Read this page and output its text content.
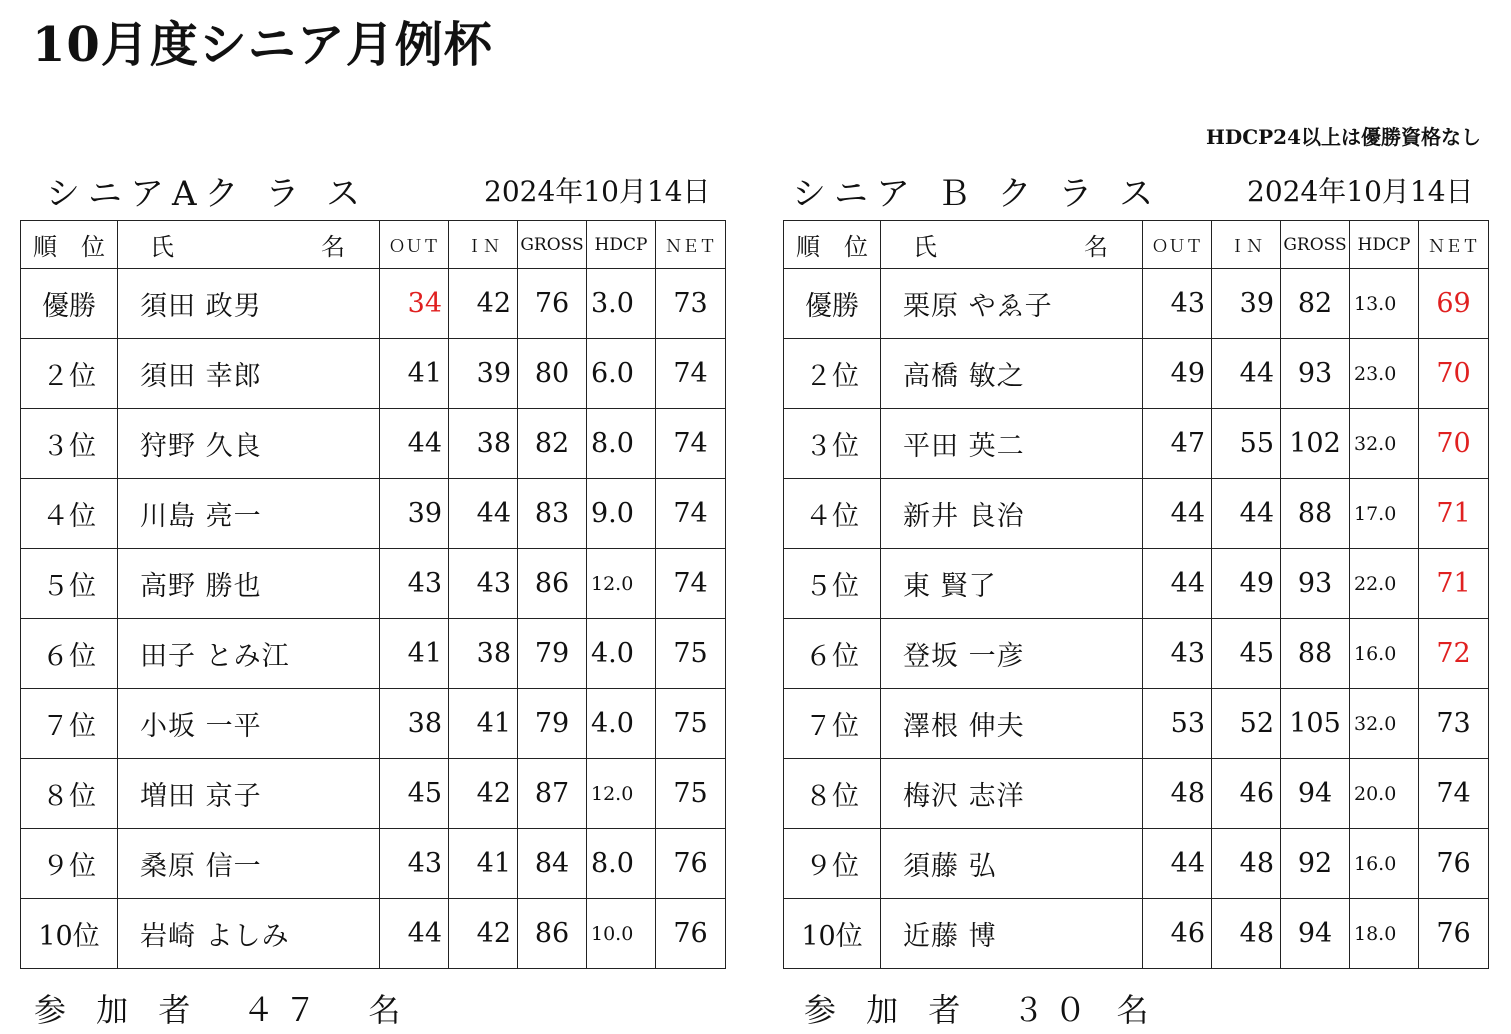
10月度シニア月例杯
HDCP24以上は優勝資格なし
シニアAク ラ ス	2024年10月14日 シニア Ｂ ク ラ ス	2024年10月14日
順　位	氏 名	ＯＵＴ	ＩＮ	GROSS	HDCP	ＮＥＴ
優勝	須田 政男	34	42	76	3.0	73
２位	須田 幸郎	41	39	80	6.0	74
３位	狩野 久良	44	38	82	8.0	74
４位	川島 亮一	39	44	83	9.0	74
５位	高野 勝也	43	43	86	12.0	74
６位	田子 とみ江	41	38	79	4.0	75
７位	小坂 一平	38	41	79	4.0	75
８位	増田 京子	45	42	87	12.0	75
９位	桑原 信一	43	41	84	8.0	76
10位	岩崎 よしみ	44	42	86	10.0	76
順　位	氏 名	ＯＵＴ	ＩＮ	GROSS	HDCP	ＮＥＴ
優勝	栗原 やゑ子	43	39	82	13.0	69
２位	高橋 敏之	49	44	93	23.0	70
３位	平田 英二	47	55	102	32.0	70
４位	新井 良治	44	44	88	17.0	71
５位	東 賢了	44	49	93	22.0	71
６位	登坂 一彦	43	45	88	16.0	72
７位	澤根 伸夫	53	52	105	32.0	73
８位	梅沢 志洋	48	46	94	20.0	74
９位	須藤 弘	44	48	92	16.0	76
10位	近藤 博	46	48	94	18.0	76
参 加 者　４７　名	参 加 者　３０ 名
